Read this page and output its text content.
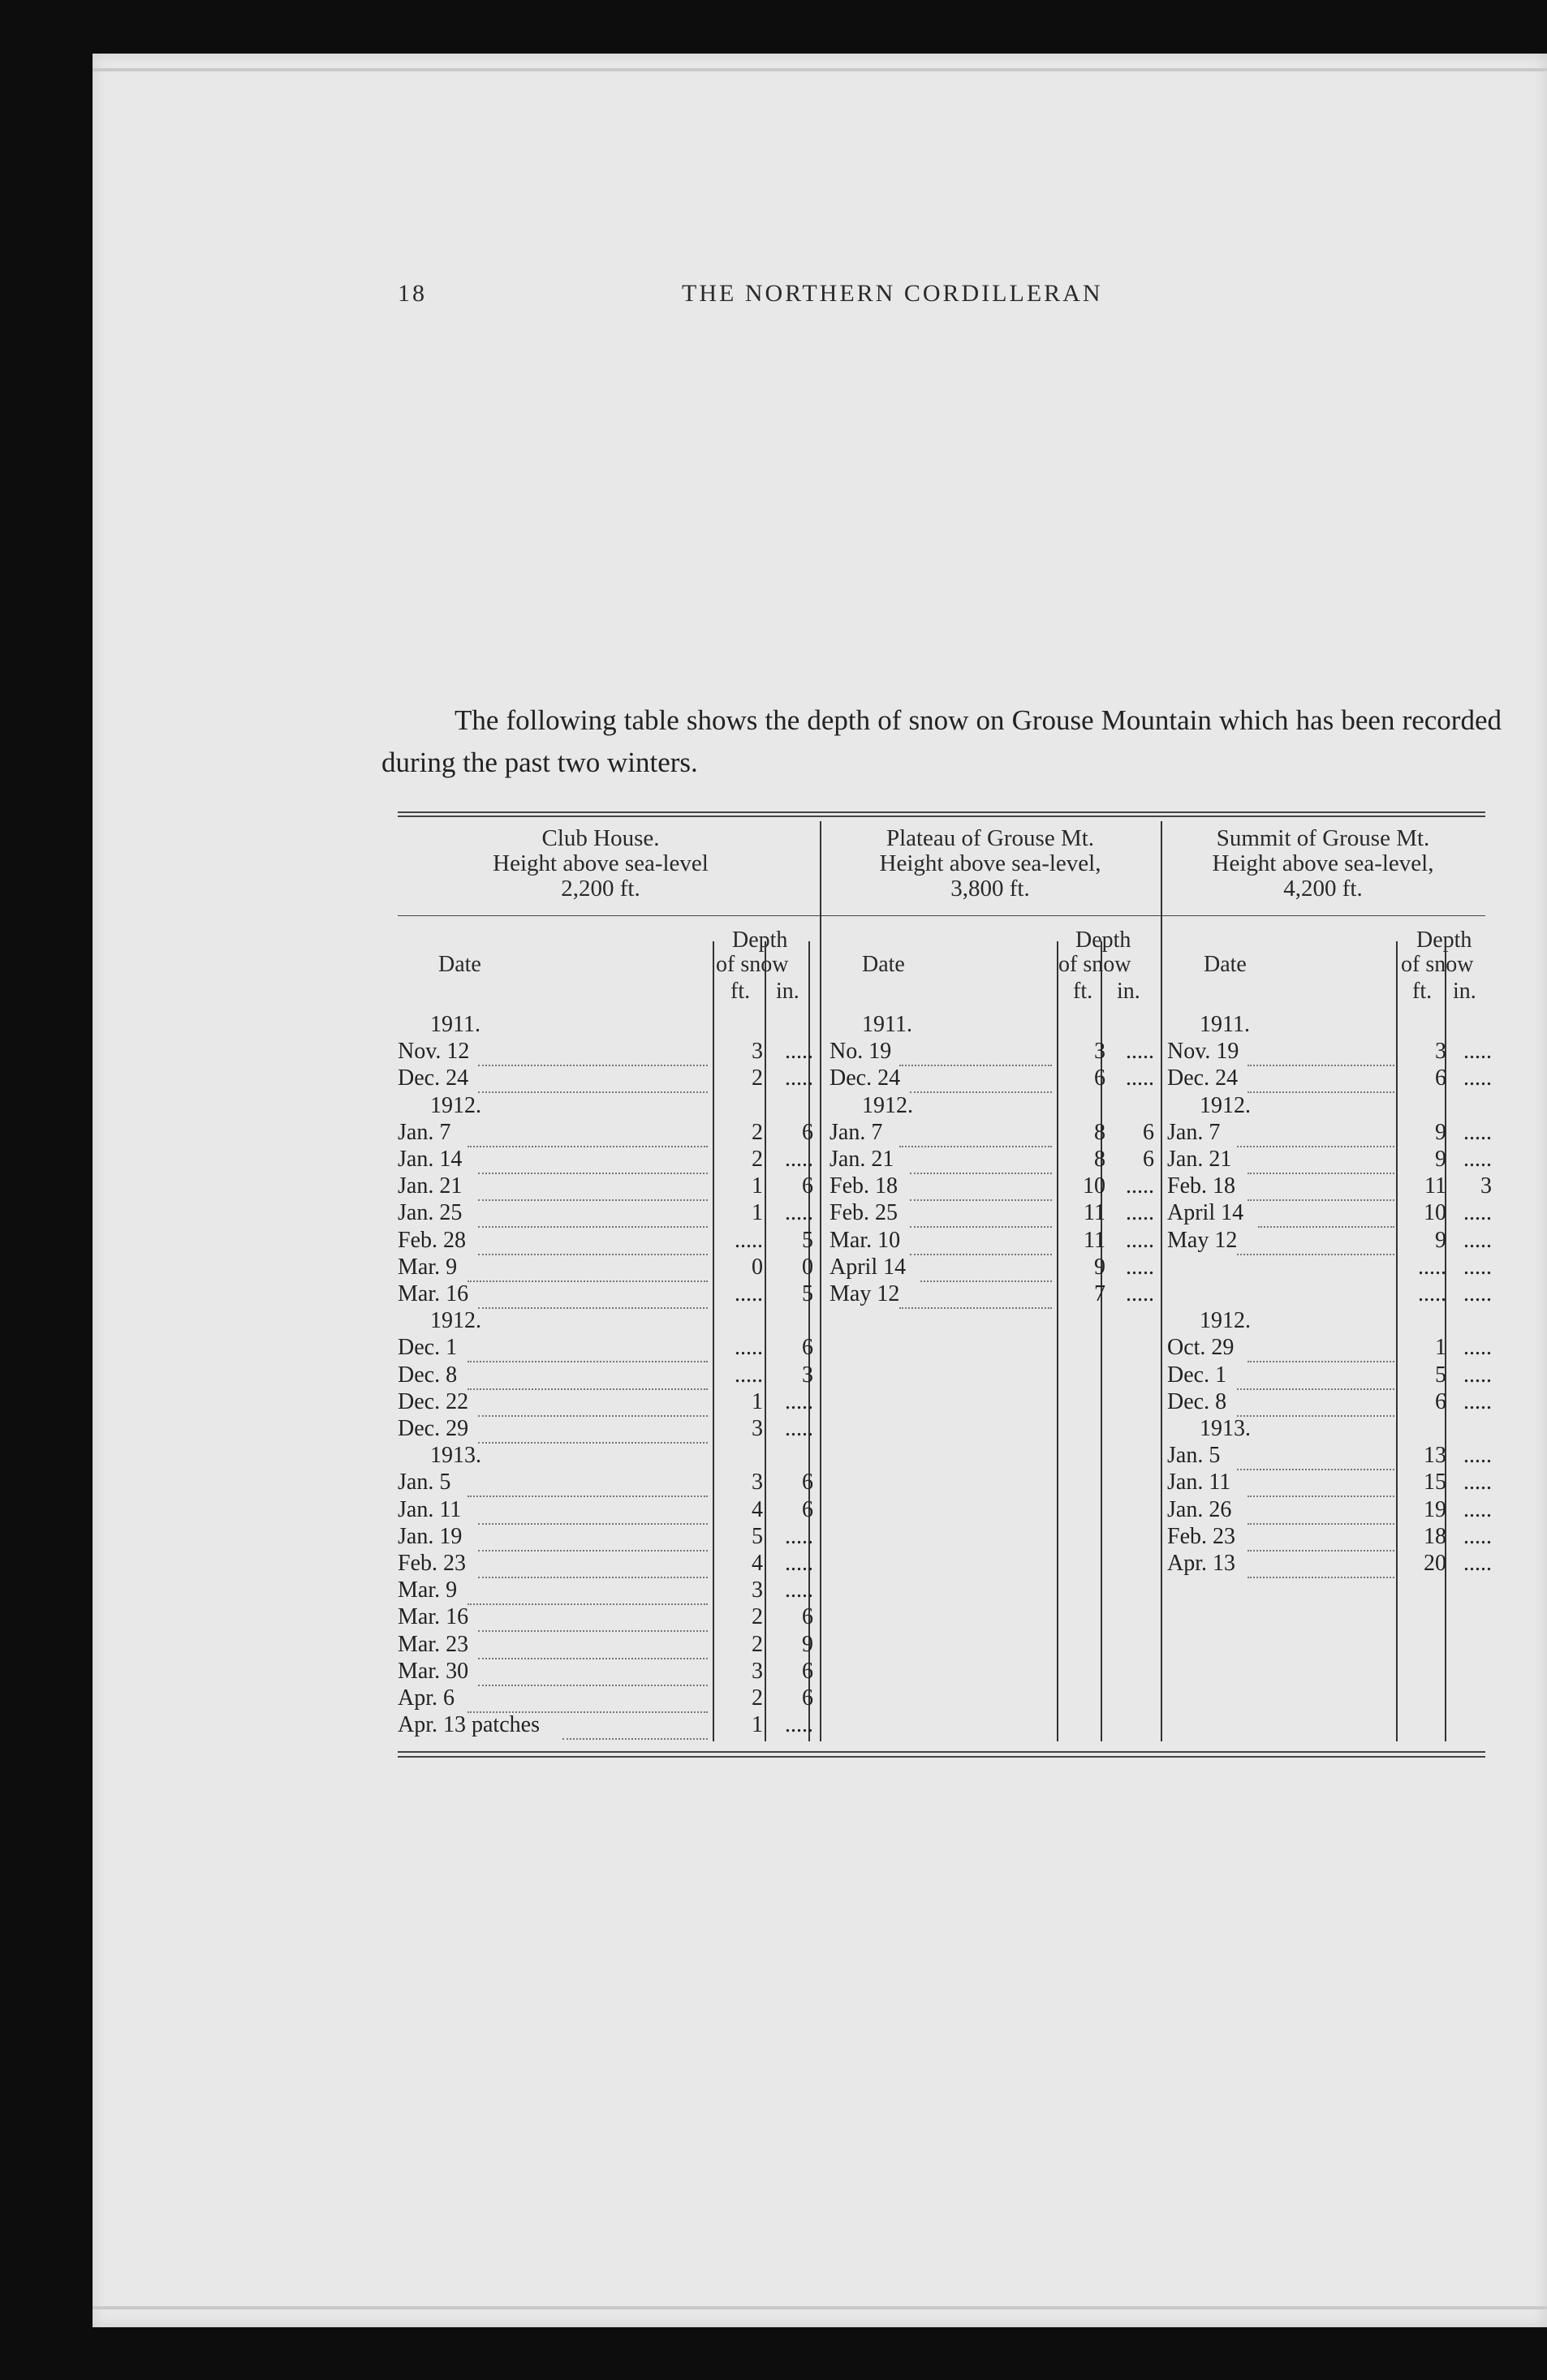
18	THE NORTHERN CORDILLERAN
The following table shows the depth of snow on Grouse Mountain which has been recorded during the past two winters.
Club House.
Height above sea-level
2,200 ft.
Plateau of Grouse Mt.
Height above sea-level,
3,800 ft.
Summit of Grouse Mt.
Height above sea-level,
4,200 ft.
Date
Depth
of snow
ft. in.
Date
Depth
of snow
ft. in.
Date
Depth
of snow
ft. in.
1911.
Nov. 12	3 .....
Dec. 24	2 .....
1912.
Jan. 7	2	6
Jan. 14	2 .....
Jan. 21	1	6
Jan. 25	1 .....
Feb. 28	.....	5
Mar. 9	0	0
Mar. 16	.....	5
1912.
Dec. 1	.....	6
Dec. 8	.....	3
Dec. 22	1 .....
Dec. 29	3 .....
1913.
Jan. 5	3	6
Jan. 11	4	6
Jan. 19	5 .....
Feb. 23	4 .....
Mar. 9	3 .....
Mar. 16	2	6
Mar. 23	2	9
Mar. 30	3	6
Apr. 6	2	6
Apr. 13 patches	1 .....
1911.
No. 19	3 .....
Dec. 24	6 .....
1912.
Jan. 7	8	6
Jan. 21	8	6
Feb. 18	10 .....
Feb. 25	11 .....
Mar. 10	11 .....
April 14	9 .....
May 12	7 .....
1911.
Nov. 19	3 .....
Dec. 24	6 .....
1912.
Jan. 7	9 .....
Jan. 21	9 .....
Feb. 18	11	3
April 14	10 .....
May 12	9 .....
..... .....
..... .....
1912.
Oct. 29	1 .....
Dec. 1	5 .....
Dec. 8	6 .....
1913.
Jan. 5	13 .....
Jan. 11	15 .....
Jan. 26	19 .....
Feb. 23	18 .....
Apr. 13	20 .....
